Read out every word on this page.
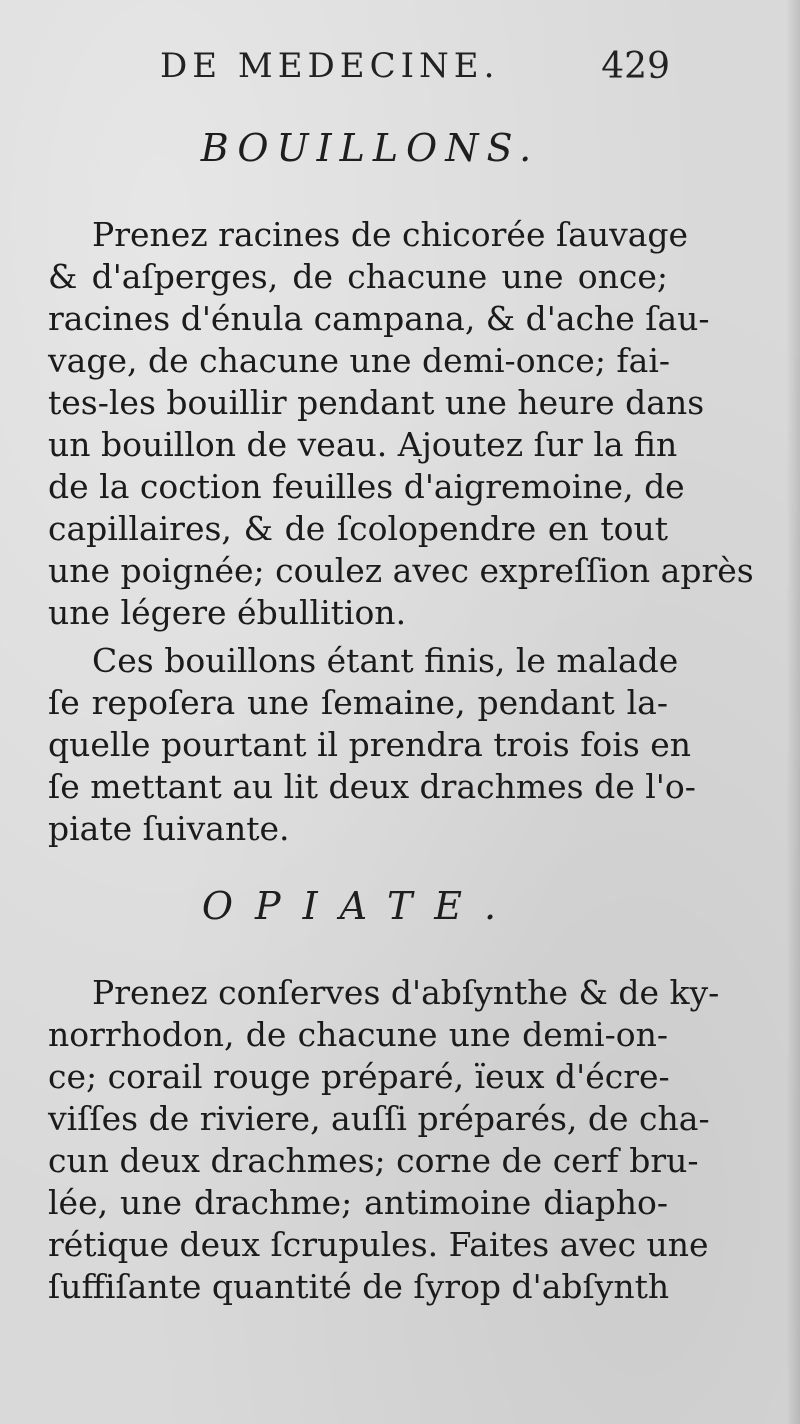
DE MEDECINE.	429
BOUILLONS.
Prenez racines de chicorée ſauvage
& d'aſperges, de chacune une once;
racines d'énula campana, & d'ache ſau-
vage, de chacune une demi-once; fai-
tes-les bouillir pendant une heure dans
un bouillon de veau. Ajoutez ſur la fin
de la coction feuilles d'aigremoine, de
capillaires, & de ſcolopendre en tout
une poignée; coulez avec expreſſion après
une légere ébullition.
Ces bouillons étant finis, le malade
ſe repoſera une ſemaine, pendant la-
quelle pourtant il prendra trois fois en
ſe mettant au lit deux drachmes de l'o-
piate ſuivante.
OPIATE.
Prenez conſerves d'abſynthe & de ky-
norrhodon, de chacune une demi-on-
ce; corail rouge préparé, ïeux d'écre-
viſſes de riviere, auſſi préparés, de cha-
cun deux drachmes; corne de cerf bru-
lée, une drachme; antimoine diapho-
rétique deux ſcrupules. Faites avec une
ſuffiſante quantité de ſyrop d'abſynth
